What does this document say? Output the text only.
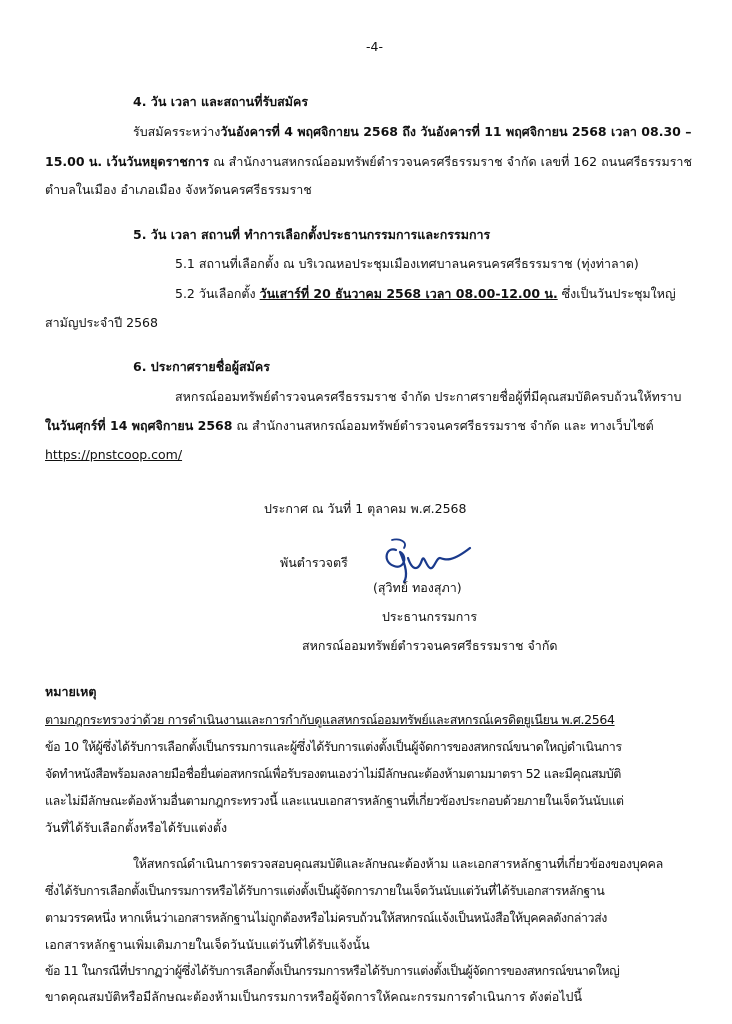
-4-
4. วัน เวลา และสถานที่รับสมัคร
รับสมัครระหว่างวันอังคารที่ 4 พฤศจิกายน 2568 ถึง วันอังคารที่ 11 พฤศจิกายน 2568 เวลา 08.30 –
15.00 น. เว้นวันหยุดราชการ ณ สำนักงานสหกรณ์ออมทรัพย์ตำรวจนครศรีธรรมราช จำกัด เลขที่ 162 ถนนศรีธรรมราช
ตำบลในเมือง อำเภอเมือง จังหวัดนครศรีธรรมราช
5. วัน เวลา สถานที่ ทำการเลือกตั้งประธานกรรมการและกรรมการ
5.1 สถานที่เลือกตั้ง ณ บริเวณหอประชุมเมืองเทศบาลนครนครศรีธรรมราช (ทุ่งท่าลาด)
5.2 วันเลือกตั้ง วันเสาร์ที่ 20 ธันวาคม 2568 เวลา 08.00-12.00 น. ซึ่งเป็นวันประชุมใหญ่
สามัญประจำปี 2568
6. ประกาศรายชื่อผู้สมัคร
สหกรณ์ออมทรัพย์ตำรวจนครศรีธรรมราช จำกัด ประกาศรายชื่อผู้ที่มีคุณสมบัติครบถ้วนให้ทราบ
ในวันศุกร์ที่ 14 พฤศจิกายน 2568 ณ สำนักงานสหกรณ์ออมทรัพย์ตำรวจนครศรีธรรมราช จำกัด และ ทางเว็บไซต์
https://pnstcoop.com/
ประกาศ ณ วันที่ 1 ตุลาคม พ.ศ.2568
พันตำรวจตรี
(สุวิทย์ ทองสุภา)
ประธานกรรมการ
สหกรณ์ออมทรัพย์ตำรวจนครศรีธรรมราช จำกัด
หมายเหตุ
ตามกฎกระทรวงว่าด้วย การดำเนินงานและการกำกับดูแลสหกรณ์ออมทรัพย์และสหกรณ์เครดิตยูเนียน พ.ศ.2564
ข้อ 10 ให้ผู้ซึ่งได้รับการเลือกตั้งเป็นกรรมการและผู้ซึ่งได้รับการแต่งตั้งเป็นผู้จัดการของสหกรณ์ขนาดใหญ่ดำเนินการ
จัดทำหนังสือพร้อมลงลายมือชื่อยื่นต่อสหกรณ์เพื่อรับรองตนเองว่าไม่มีลักษณะต้องห้ามตามมาตรา 52 และมีคุณสมบัติ
และไม่มีลักษณะต้องห้ามอื่นตามกฎกระทรวงนี้ และแนบเอกสารหลักฐานที่เกี่ยวข้องประกอบด้วยภายในเจ็ดวันนับแต่
วันที่ได้รับเลือกตั้งหรือได้รับแต่งตั้ง
ให้สหกรณ์ดำเนินการตรวจสอบคุณสมบัติและลักษณะต้องห้าม และเอกสารหลักฐานที่เกี่ยวข้องของบุคคล
ซึ่งได้รับการเลือกตั้งเป็นกรรมการหรือได้รับการแต่งตั้งเป็นผู้จัดการภายในเจ็ดวันนับแต่วันที่ได้รับเอกสารหลักฐาน
ตามวรรคหนึ่ง หากเห็นว่าเอกสารหลักฐานไม่ถูกต้องหรือไม่ครบถ้วนให้สหกรณ์แจ้งเป็นหนังสือให้บุคคลดังกล่าวส่ง
เอกสารหลักฐานเพิ่มเติมภายในเจ็ดวันนับแต่วันที่ได้รับแจ้งนั้น
ข้อ 11 ในกรณีที่ปรากฏว่าผู้ซึ่งได้รับการเลือกตั้งเป็นกรรมการหรือได้รับการแต่งตั้งเป็นผู้จัดการของสหกรณ์ขนาดใหญ่
ขาดคุณสมบัติหรือมีลักษณะต้องห้ามเป็นกรรมการหรือผู้จัดการให้คณะกรรมการดำเนินการ ดังต่อไปนี้
